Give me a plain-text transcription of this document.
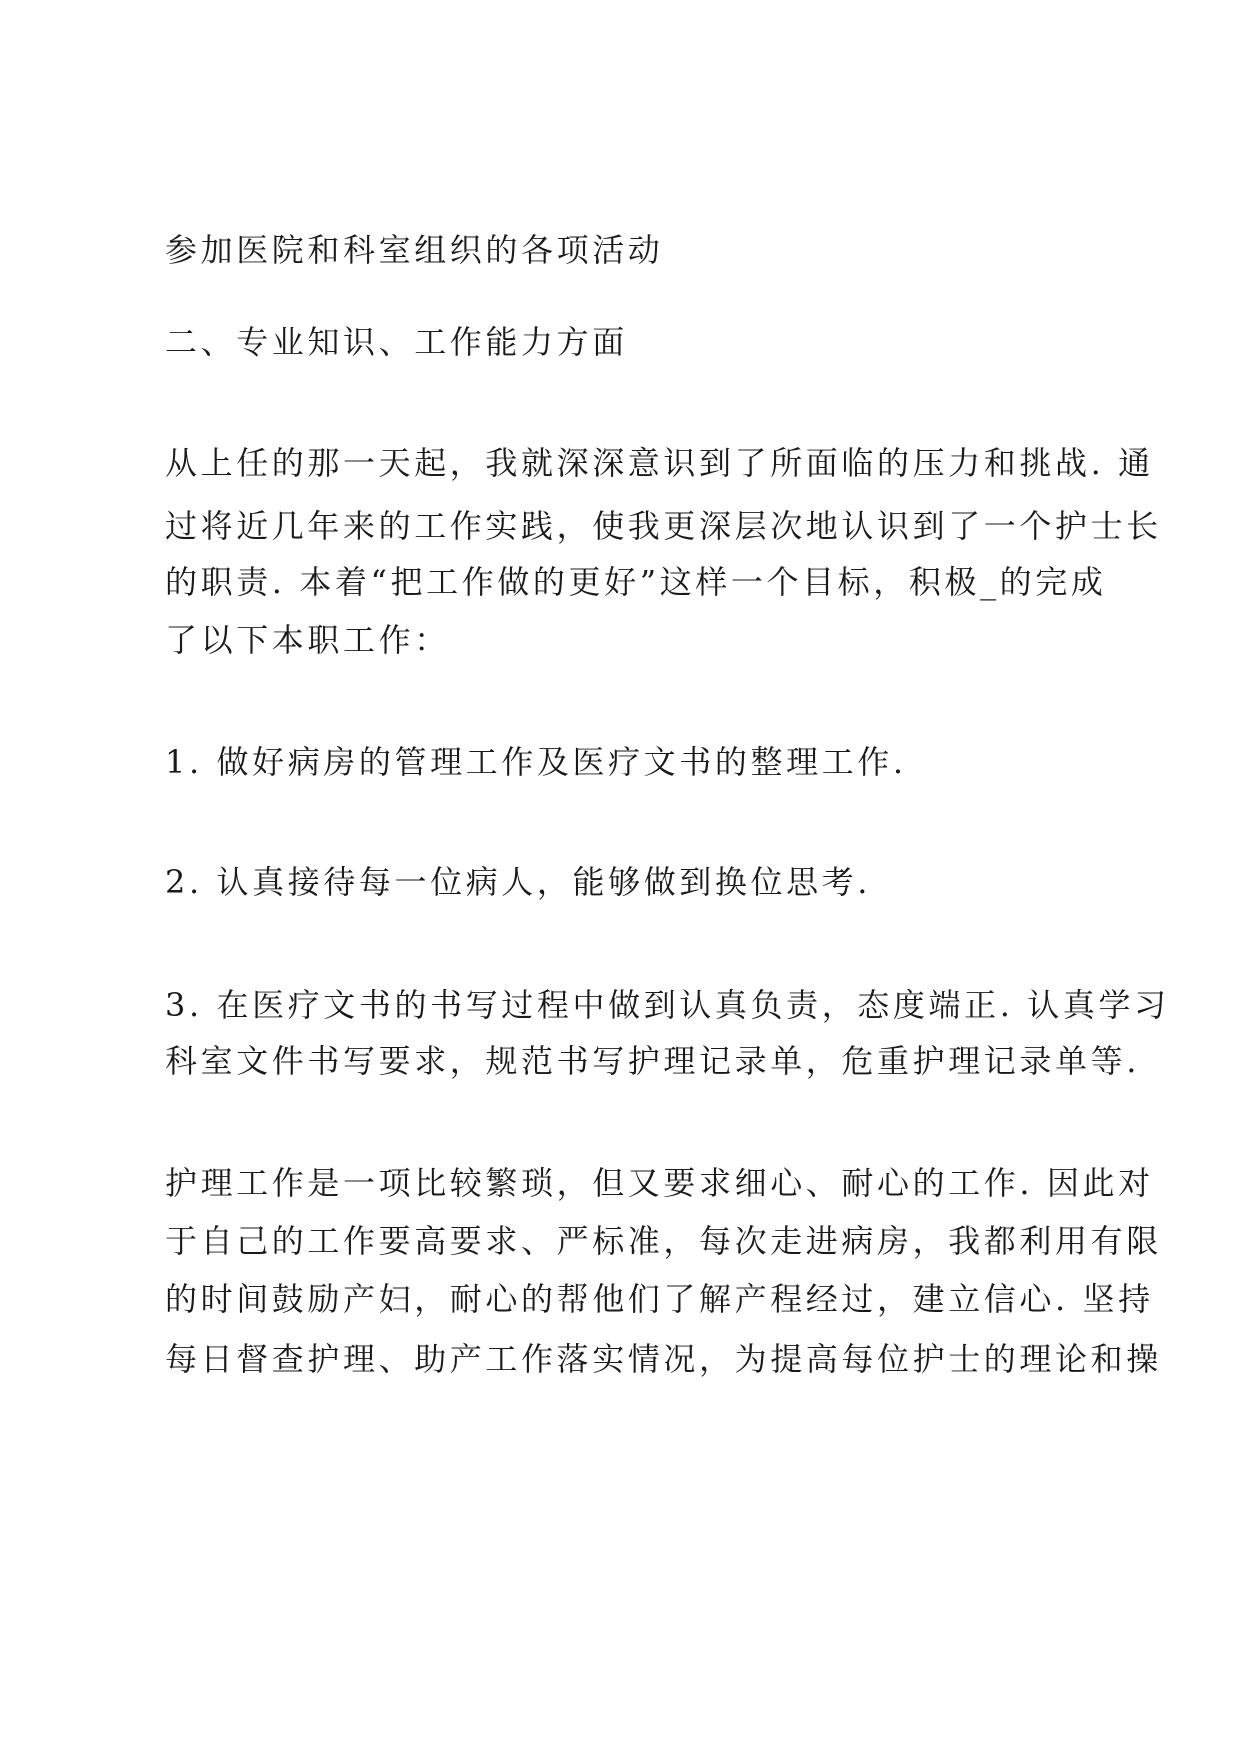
参加医院和科室组织的各项活动
二、专业知识、工作能力方面
从上任的那一天起，我就深深意识到了所面临的压力和挑战. 通
过将近几年来的工作实践，使我更深层次地认识到了一个护士长
的职责. 本着“把工作做的更好”这样一个目标，积极_的完成
了以下本职工作：
1. 做好病房的管理工作及医疗文书的整理工作.
2. 认真接待每一位病人，能够做到换位思考.
3. 在医疗文书的书写过程中做到认真负责，态度端正. 认真学习
科室文件书写要求，规范书写护理记录单，危重护理记录单等.
护理工作是一项比较繁琐，但又要求细心、耐心的工作. 因此对
于自己的工作要高要求、严标准，每次走进病房，我都利用有限
的时间鼓励产妇，耐心的帮他们了解产程经过，建立信心. 坚持
每日督查护理、助产工作落实情况，为提高每位护士的理论和操
